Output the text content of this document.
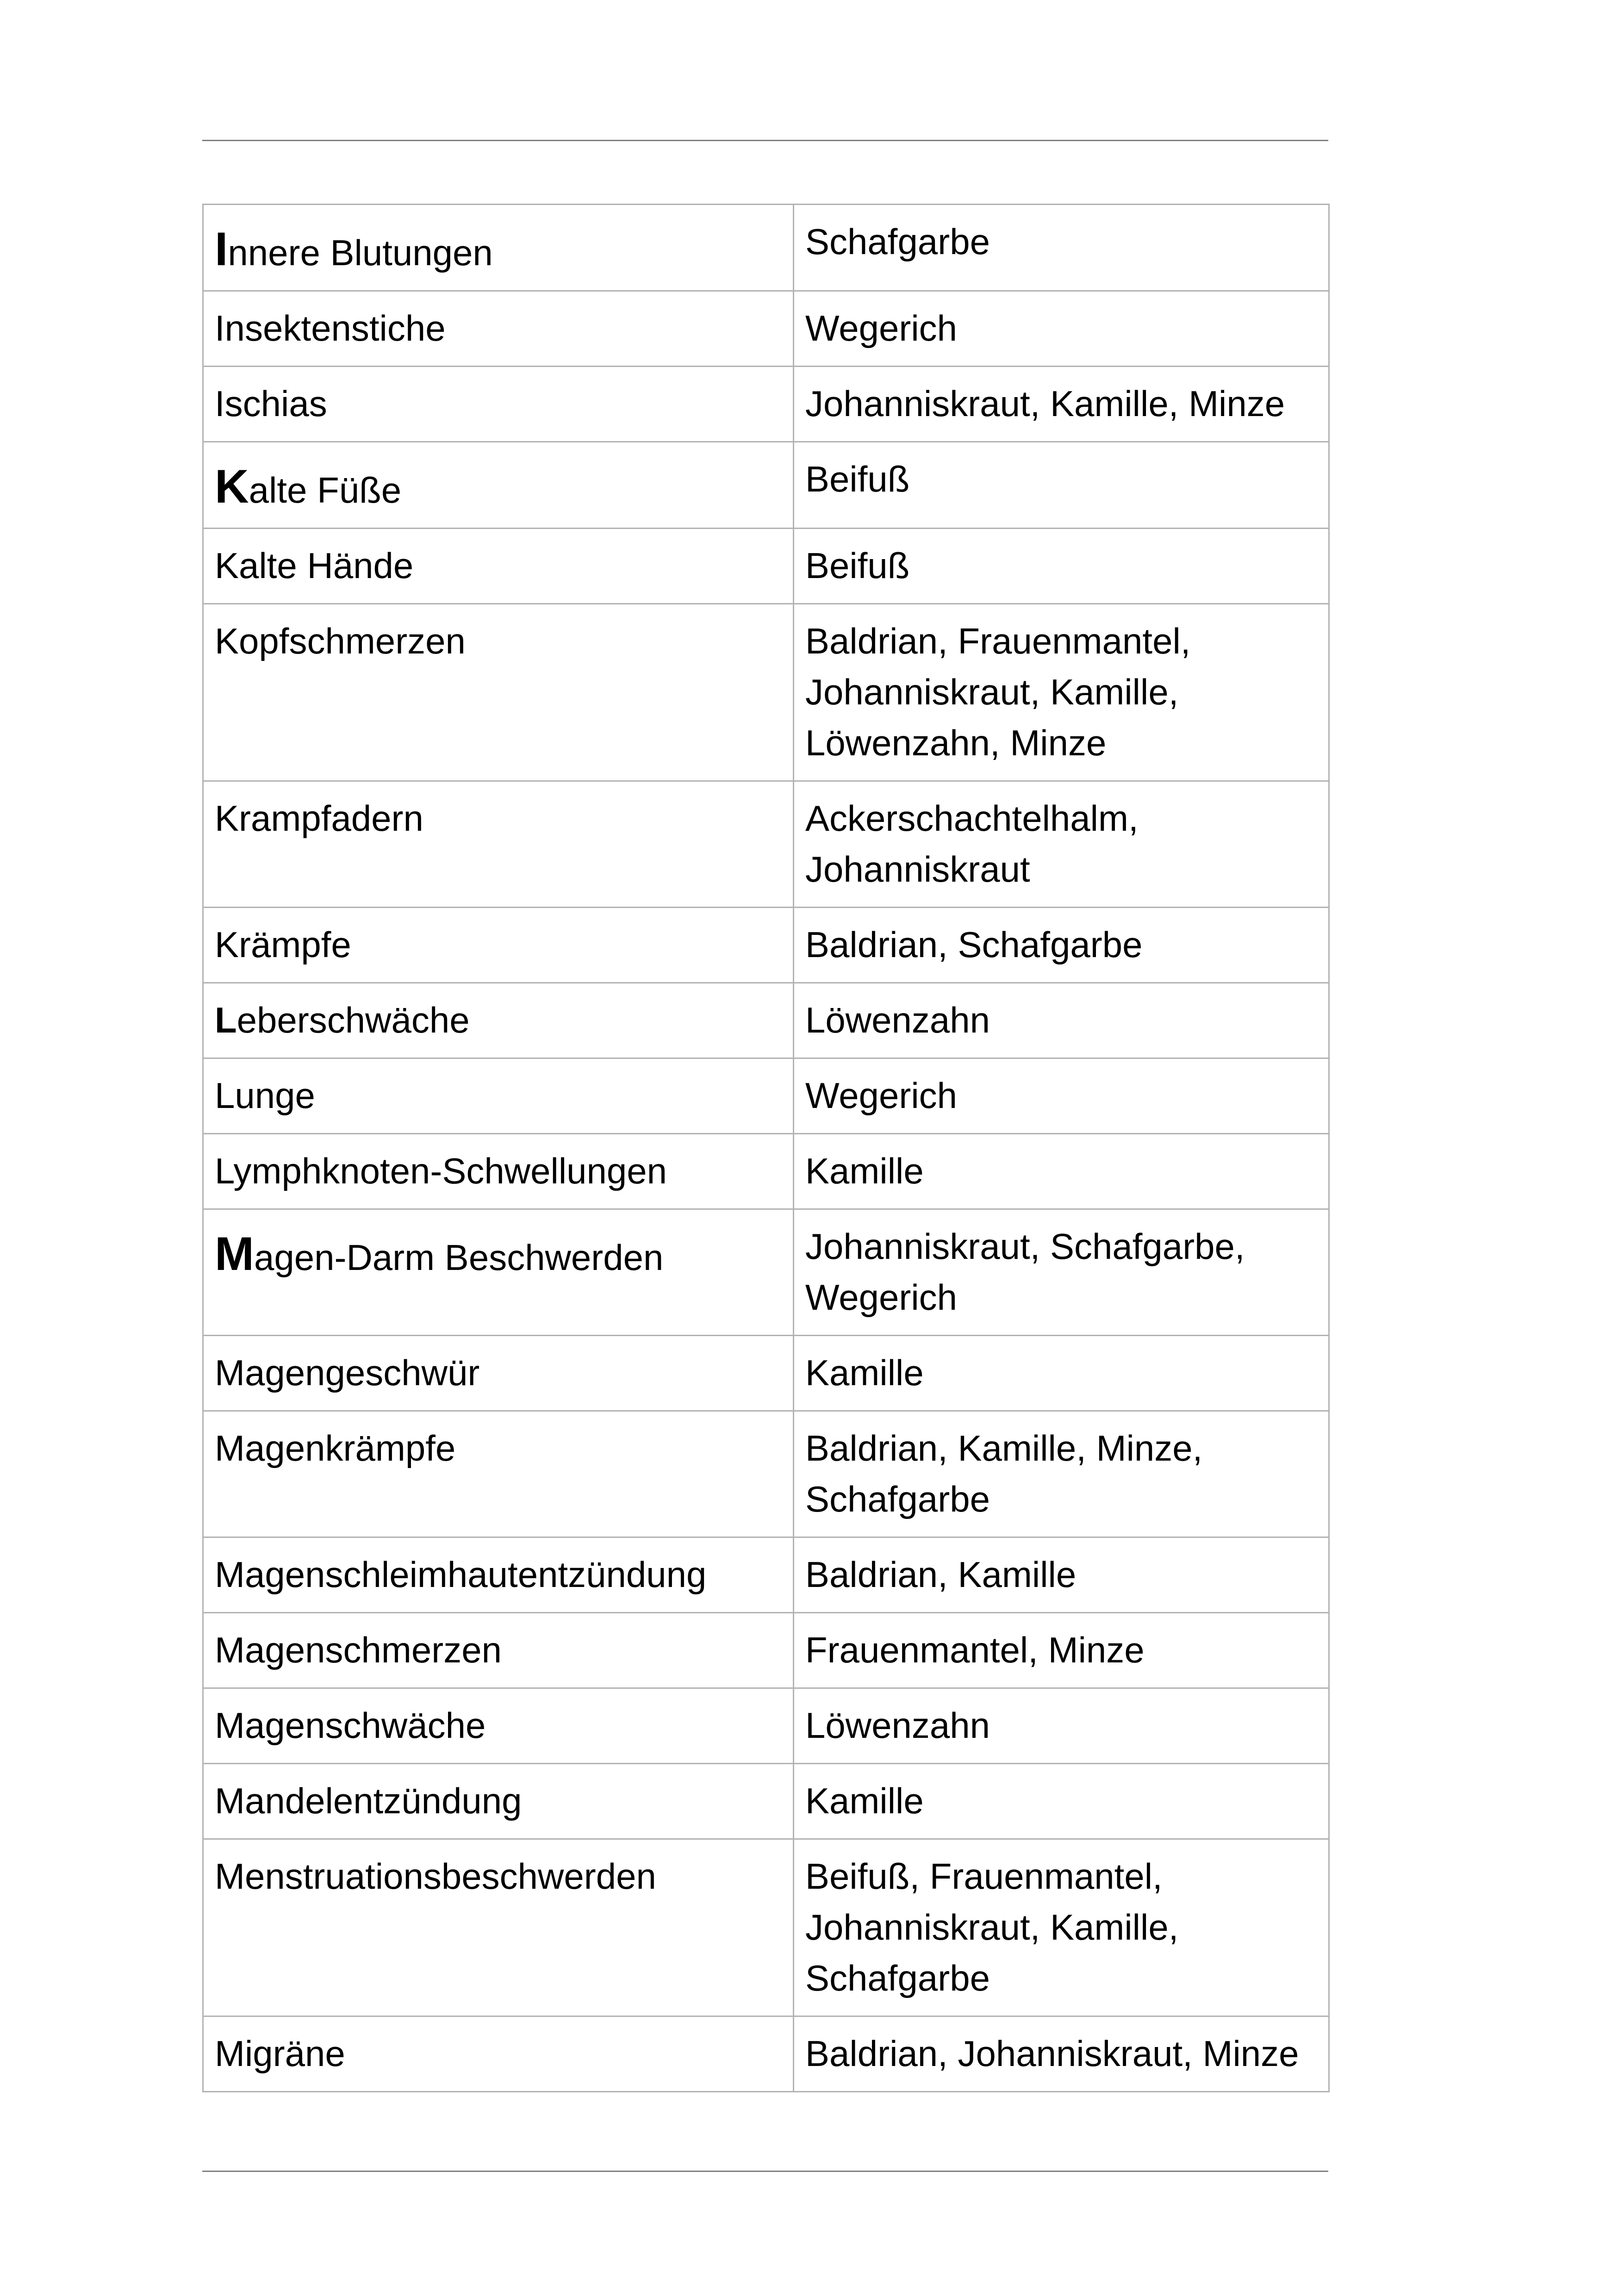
Innere Blutungen	Schafgarbe

Insektenstiche	Wegerich

Ischias	Johanniskraut, Kamille, Minze

Kalte Füße	Beifuß

Kalte Hände	Beifuß

Kopfschmerzen	Baldrian, Frauenmantel, Johanniskraut, Kamille, Löwenzahn, Minze

Krampfadern	Ackerschachtelhalm, Johanniskraut

Krämpfe	Baldrian, Schafgarbe

Leberschwäche	Löwenzahn

Lunge	Wegerich

Lymphknoten-Schwellungen	Kamille

Magen-Darm Beschwerden	Johanniskraut, Schafgarbe, Wegerich

Magengeschwür	Kamille

Magenkrämpfe	Baldrian, Kamille, Minze, Schafgarbe

Magenschleimhautentzündung	Baldrian, Kamille

Magenschmerzen	Frauenmantel, Minze

Magenschwäche	Löwenzahn

Mandelentzündung	Kamille

Menstruationsbeschwerden	Beifuß, Frauenmantel, Johanniskraut, Kamille, Schafgarbe

Migräne	Baldrian, Johanniskraut, Minze
